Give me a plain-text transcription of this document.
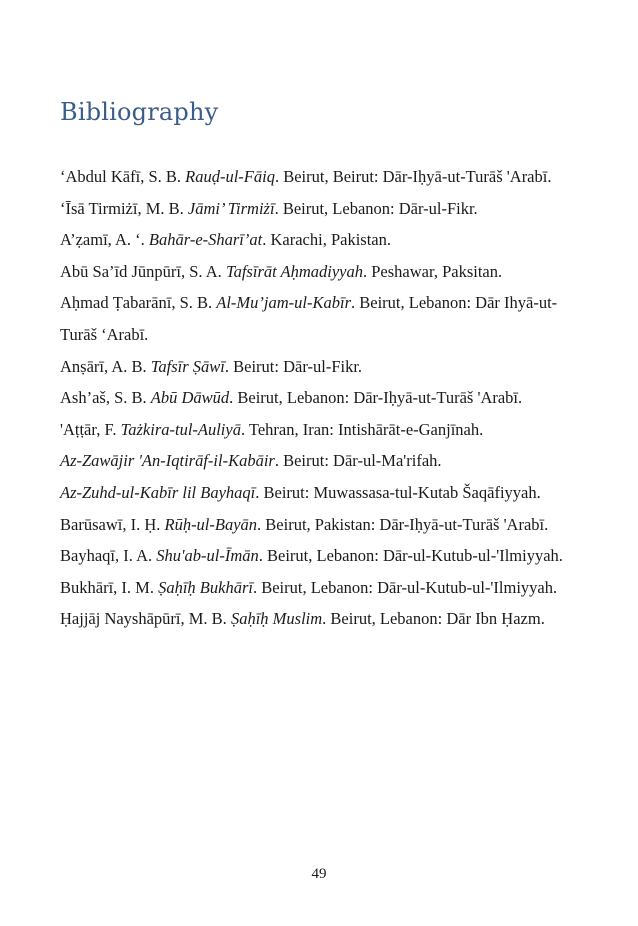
Bibliography

ʻAbdul Kāfī, S. B. Rauḍ-ul-Fāiq. Beirut, Beirut: Dār-Iḥyā-ut-Turāš 'Arabī.

ʻĪsā Tirmiżī, M. B. Jāmi’ Tirmiżī. Beirut, Lebanon: Dār-ul-Fikr.

A’ẓamī, A. ʻ. Bahār-e-Sharī’at. Karachi, Pakistan.

Abū Sa’īd Jūnpūrī, S. A. Tafsīrāt Aḥmadiyyah. Peshawar, Paksitan.

Aḥmad Ṭabarānī, S. B. Al-Mu’jam-ul-Kabīr. Beirut, Lebanon: Dār Ihyā-ut-Turāš ʻArabī.

Anṣārī, A. B. Tafsīr Ṣāwī. Beirut: Dār-ul-Fikr.

Ash’aš, S. B. Abū Dāwūd. Beirut, Lebanon: Dār-Iḥyā-ut-Turāš 'Arabī.

'Aṭṭār, F. Tażkira-tul-Auliyā. Tehran, Iran: Intishārāt-e-Ganjīnah.

Az-Zawājir 'An-Iqtirāf-il-Kabāir. Beirut: Dār-ul-Ma'rifah.

Az-Zuhd-ul-Kabīr lil Bayhaqī. Beirut: Muwassasa-tul-Kutab Šaqāfiyyah.

Barūsawī, I. Ḥ. Rūḥ-ul-Bayān. Beirut, Pakistan: Dār-Iḥyā-ut-Turāš 'Arabī.

Bayhaqī, I. A. Shu'ab-ul-Īmān. Beirut, Lebanon: Dār-ul-Kutub-ul-'Ilmiyyah.

Bukhārī, I. M. Ṣaḥīḥ Bukhārī. Beirut, Lebanon: Dār-ul-Kutub-ul-'Ilmiyyah.

Ḥajjāj Nayshāpūrī, M. B. Ṣaḥīḥ Muslim. Beirut, Lebanon: Dār Ibn Ḥazm.

49
